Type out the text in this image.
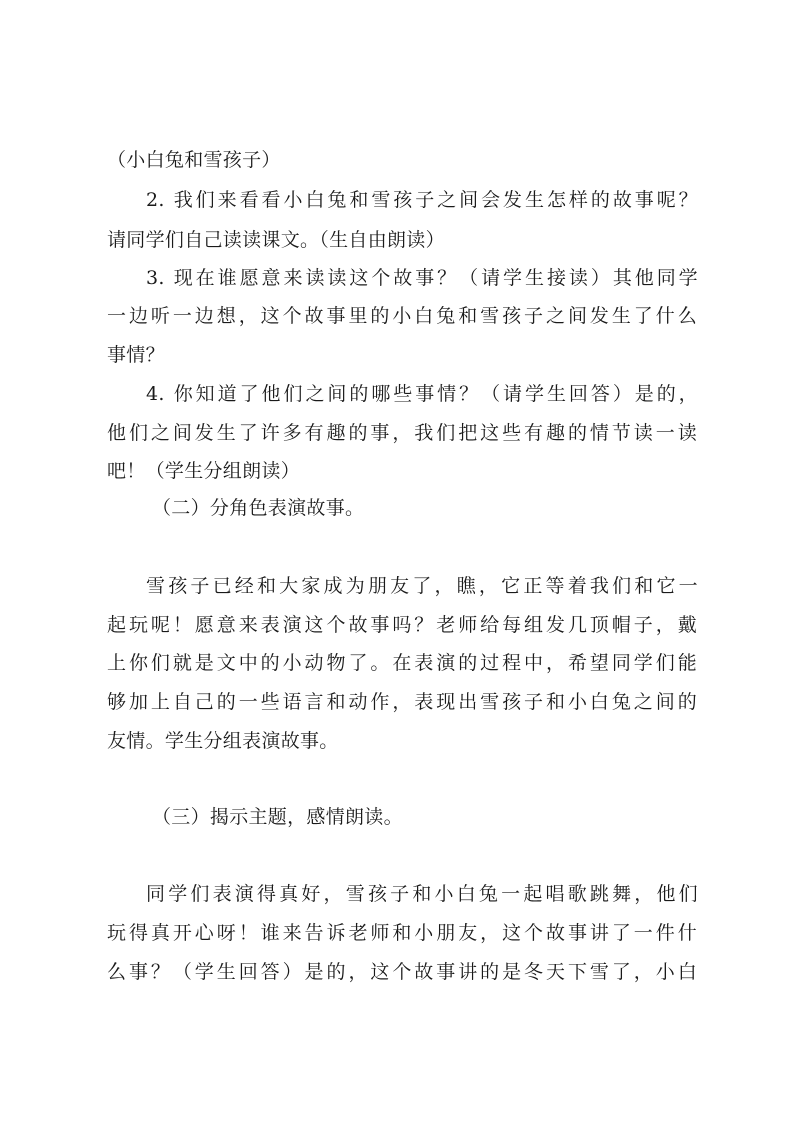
（小白兔和雪孩子）
2. 我们来看看小白兔和雪孩子之间会发生怎样的故事呢？
请同学们自己读读课文。（生自由朗读）
3. 现在谁愿意来读读这个故事？（请学生接读）其他同学
一边听一边想，这个故事里的小白兔和雪孩子之间发生了什么
事情？
4. 你知道了他们之间的哪些事情？（请学生回答）是的，
他们之间发生了许多有趣的事，我们把这些有趣的情节读一读
吧！（学生分组朗读）
（二）分角色表演故事。
雪孩子已经和大家成为朋友了，瞧，它正等着我们和它一
起玩呢！愿意来表演这个故事吗？老师给每组发几顶帽子，戴
上你们就是文中的小动物了。在表演的过程中，希望同学们能
够加上自己的一些语言和动作，表现出雪孩子和小白兔之间的
友情。学生分组表演故事。
（三）揭示主题，感情朗读。
同学们表演得真好，雪孩子和小白兔一起唱歌跳舞，他们
玩得真开心呀！谁来告诉老师和小朋友，这个故事讲了一件什
么事？（学生回答）是的，这个故事讲的是冬天下雪了，小白
